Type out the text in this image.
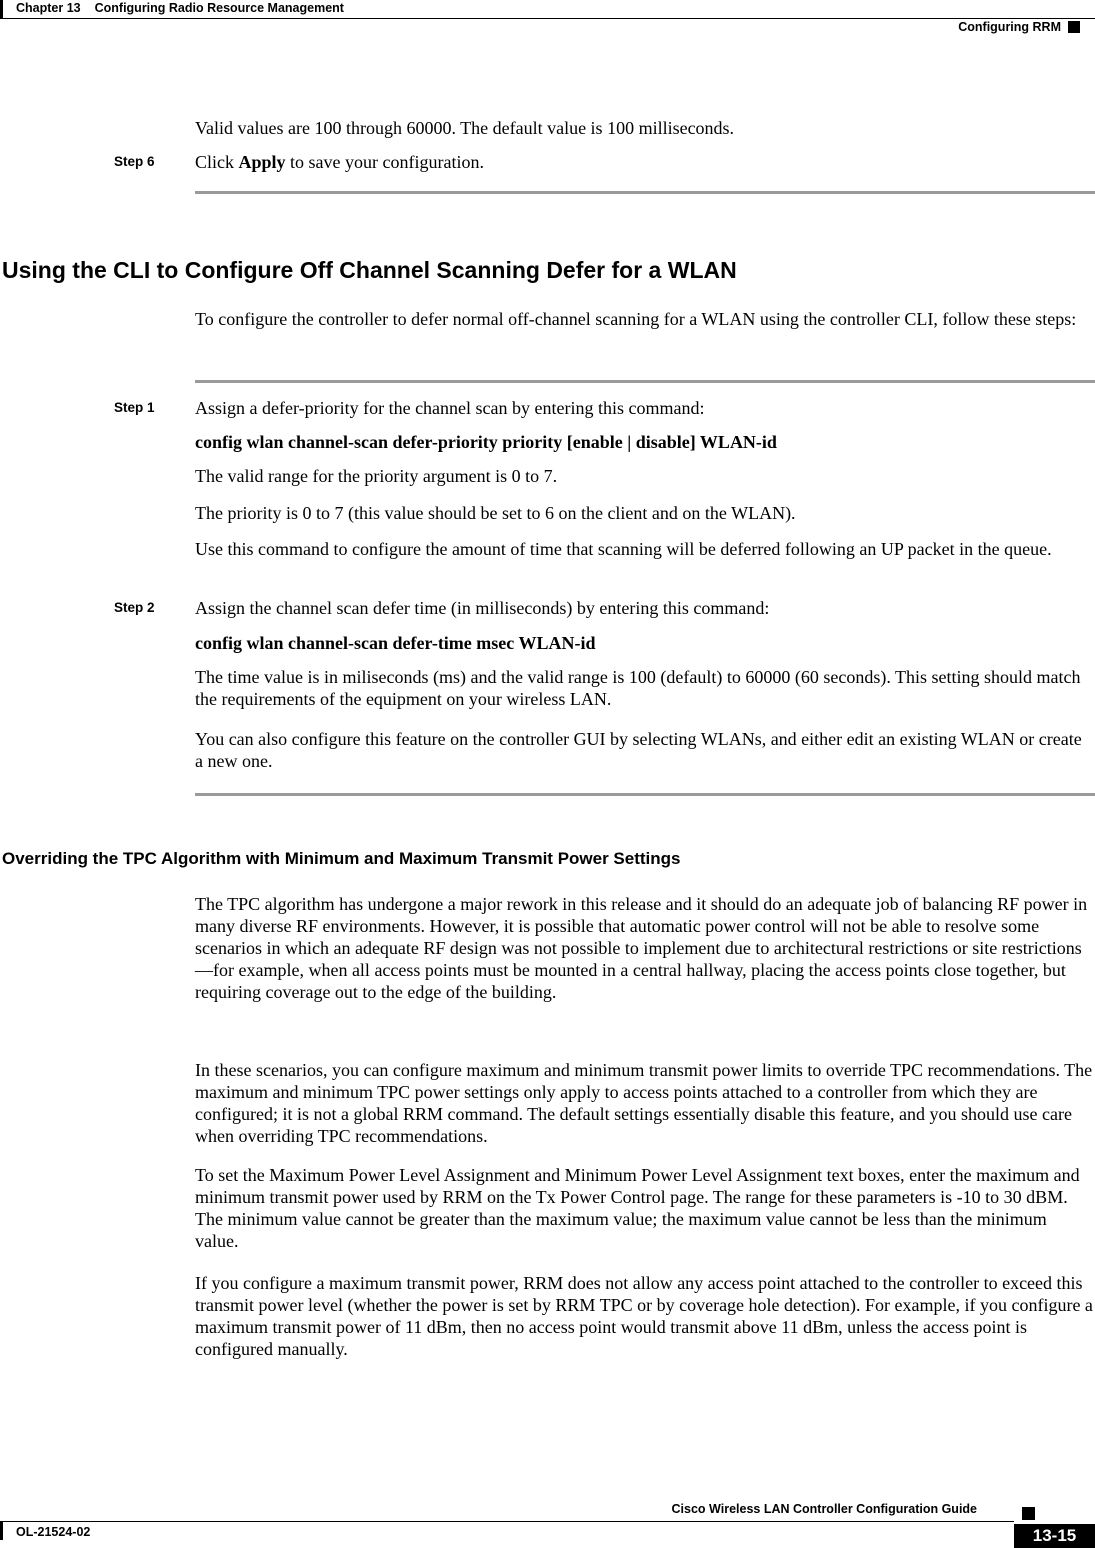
Chapter 13 Configuring Radio Resource Management
Configuring RRM
Valid values are 100 through 60000. The default value is 100 milliseconds.
Step 6 Click Apply to save your configuration.
Using the CLI to Configure Off Channel Scanning Defer for a WLAN
To configure the controller to defer normal off-channel scanning for a WLAN using the controller CLI, follow these steps:
Step 1 Assign a defer-priority for the channel scan by entering this command:
config wlan channel-scan defer-priority priority [enable | disable] WLAN-id
The valid range for the priority argument is 0 to 7.
The priority is 0 to 7 (this value should be set to 6 on the client and on the WLAN).
Use this command to configure the amount of time that scanning will be deferred following an UP packet in the queue.
Step 2 Assign the channel scan defer time (in milliseconds) by entering this command:
config wlan channel-scan defer-time msec WLAN-id
The time value is in miliseconds (ms) and the valid range is 100 (default) to 60000 (60 seconds). This setting should match the requirements of the equipment on your wireless LAN.
You can also configure this feature on the controller GUI by selecting WLANs, and either edit an existing WLAN or create a new one.
Overriding the TPC Algorithm with Minimum and Maximum Transmit Power Settings
The TPC algorithm has undergone a major rework in this release and it should do an adequate job of balancing RF power in many diverse RF environments. However, it is possible that automatic power control will not be able to resolve some scenarios in which an adequate RF design was not possible to implement due to architectural restrictions or site restrictions—for example, when all access points must be mounted in a central hallway, placing the access points close together, but requiring coverage out to the edge of the building.
In these scenarios, you can configure maximum and minimum transmit power limits to override TPC recommendations. The maximum and minimum TPC power settings only apply to access points attached to a controller from which they are configured; it is not a global RRM command. The default settings essentially disable this feature, and you should use care when overriding TPC recommendations.
To set the Maximum Power Level Assignment and Minimum Power Level Assignment text boxes, enter the maximum and minimum transmit power used by RRM on the Tx Power Control page. The range for these parameters is -10 to 30 dBM. The minimum value cannot be greater than the maximum value; the maximum value cannot be less than the minimum value.
If you configure a maximum transmit power, RRM does not allow any access point attached to the controller to exceed this transmit power level (whether the power is set by RRM TPC or by coverage hole detection). For example, if you configure a maximum transmit power of 11 dBm, then no access point would transmit above 11 dBm, unless the access point is configured manually.
Cisco Wireless LAN Controller Configuration Guide
OL-21524-02	13-15
